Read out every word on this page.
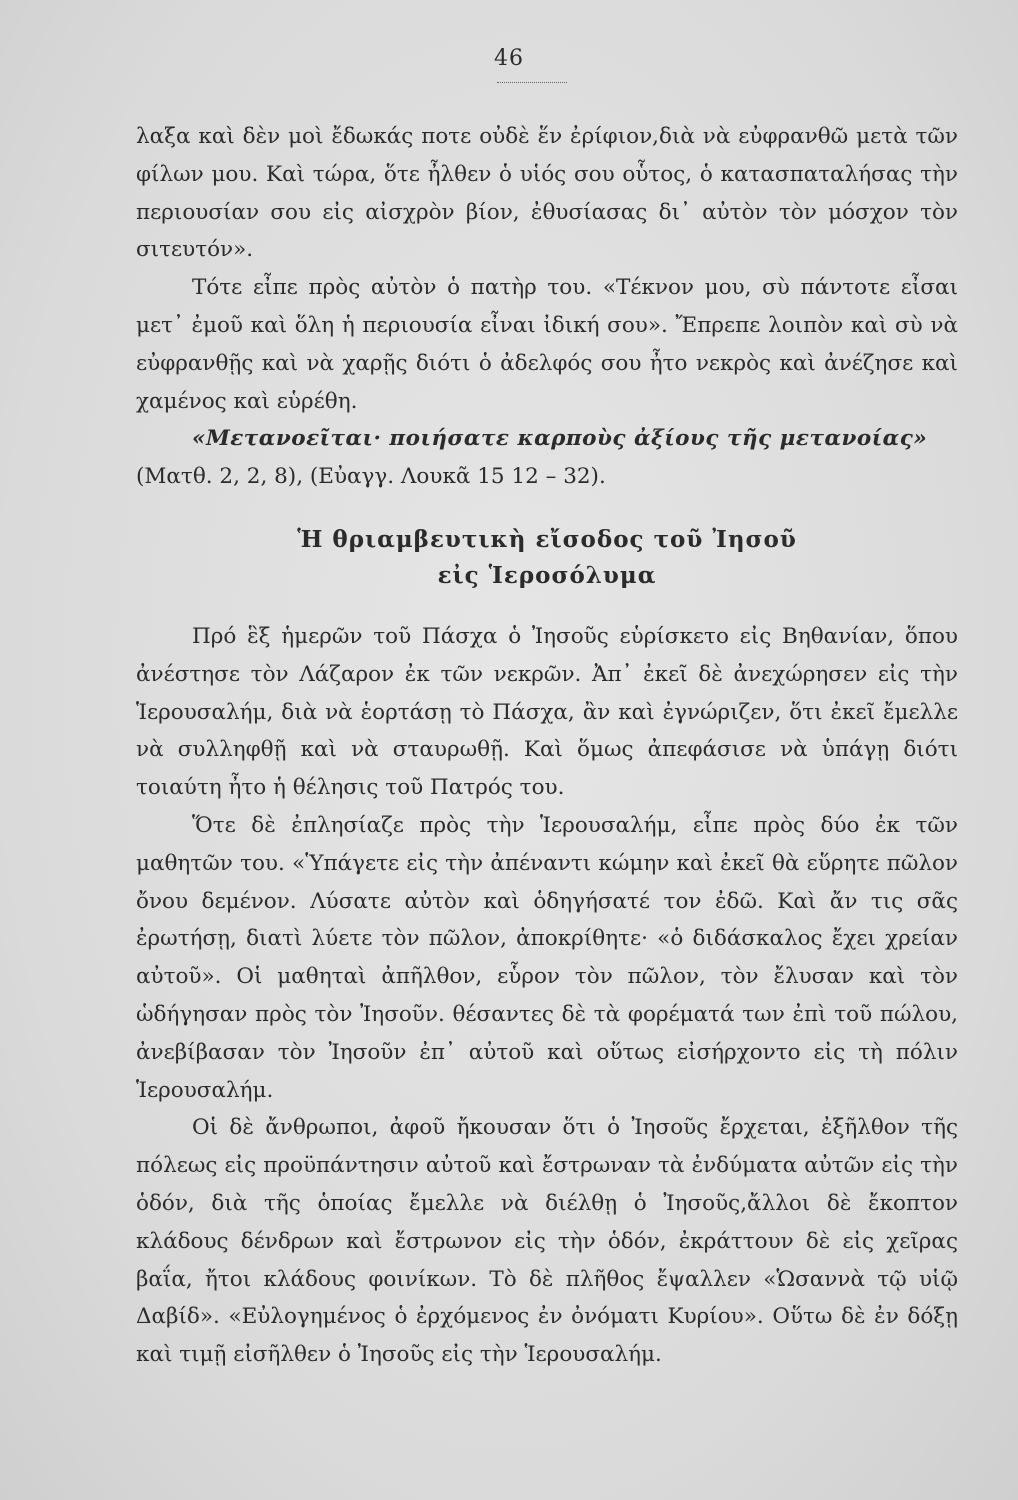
46

λαξα καὶ δὲν μοὶ ἔδωκάς ποτε οὐδὲ ἕν ἐρίφιον,διὰ νὰ εὐφρανθῶ μετὰ τῶν φίλων μου. Καὶ τώρα, ὅτε ἦλθεν ὁ υἱός σου οὗτος, ὁ κατασπαταλήσας τὴν περιουσίαν σου εἰς αἰσχρὸν βίον, ἐθυσίασας δι᾽ αὐτὸν τὸν μόσχον τὸν σιτευτόν».

Τότε εἶπε πρὸς αὐτὸν ὁ πατὴρ του. «Τέκνον μου, σὺ πάντοτε εἶσαι μετ᾽ ἐμοῦ καὶ ὅλη ἡ περιουσία εἶναι ἰδική σου». Ἔπρεπε λοιπὸν καὶ σὺ νὰ εὐφρανθῇς καὶ νὰ χαρῇς διότι ὁ ἀδελφός σου ἦτο νεκρὸς καὶ ἀνέζησε καὶ χαμένος καὶ εὑρέθη.

«Μετανοεῖται· ποιήσατε καρποὺς ἀξίους τῆς μετανοίας»

(Ματθ. 2, 2, 8), (Εὐαγγ. Λουκᾶ 15 12 – 32).

Ἡ θριαμβευτικὴ εἴσοδος τοῦ Ἰησοῦ
εἰς Ἱεροσόλυμα

Πρό ἓξ ἡμερῶν τοῦ Πάσχα ὁ Ἰησοῦς εὑρίσκετο εἰς Βηθανίαν, ὅπου ἀνέστησε τὸν Λάζαρον ἐκ τῶν νεκρῶν. Ἀπ᾽ ἐκεῖ δὲ ἀνεχώρησεν εἰς τὴν Ἱερουσαλήμ, διὰ νὰ ἑορτάσῃ τὸ Πάσχα, ἂν καὶ ἐγνώριζεν, ὅτι ἐκεῖ ἔμελλε νὰ συλληφθῇ καὶ νὰ σταυρωθῇ. Καὶ ὅμως ἀπεφάσισε νὰ ὑπάγῃ διότι τοιαύτη ἦτο ἡ θέλησις τοῦ Πατρός του.

Ὅτε δὲ ἐπλησίαζε πρὸς τὴν Ἱερουσαλήμ, εἶπε πρὸς δύο ἐκ τῶν μαθητῶν του. «Ὑπάγετε εἰς τὴν ἀπέναντι κώμην καὶ ἐκεῖ θὰ εὕρητε πῶλον ὄνου δεμένον. Λύσατε αὐτὸν καὶ ὁδηγήσατέ τον ἐδῶ. Καὶ ἄν τις σᾶς ἐρωτήσῃ, διατὶ λύετε τὸν πῶλον, ἀποκρίθητε· «ὁ διδάσκαλος ἔχει χρείαν αὐτοῦ». Οἱ μαθηταὶ ἀπῆλθον, εὗρον τὸν πῶλον, τὸν ἔλυσαν καὶ τὸν ὡδήγησαν πρὸς τὸν Ἰησοῦν. θέσαντες δὲ τὰ φορέματά των ἐπὶ τοῦ πώλου, ἀνεβίβασαν τὸν Ἰησοῦν ἐπ᾽ αὐτοῦ καὶ οὕτως εἰσήρχοντο εἰς τὴ πόλιν Ἱερουσαλήμ.

Οἱ δὲ ἄνθρωποι, ἀφοῦ ἤκουσαν ὅτι ὁ Ἰησοῦς ἔρχεται, ἐξῆλθον τῆς πόλεως εἰς προϋπάντησιν αὐτοῦ καὶ ἔστρωναν τὰ ἐνδύματα αὐτῶν εἰς τὴν ὁδόν, διὰ τῆς ὁποίας ἔμελλε νὰ διέλθῃ ὁ Ἰησοῦς,ἄλλοι δὲ ἔκοπτον κλάδους δένδρων καὶ ἔστρωνον εἰς τὴν ὁδόν, ἐκράττουν δὲ εἰς χεῖρας βαΐα, ἤτοι κλάδους φοινίκων. Τὸ δὲ πλῆθος ἔψαλλεν «Ὡσαννὰ τῷ υἱῷ Δαβίδ». «Εὐλογημένος ὁ ἐρχόμενος ἐν ὀνόματι Κυρίου». Οὕτω δὲ ἐν δόξῃ καὶ τιμῇ εἰσῆλθεν ὁ Ἰησοῦς εἰς τὴν Ἱερουσαλήμ.
